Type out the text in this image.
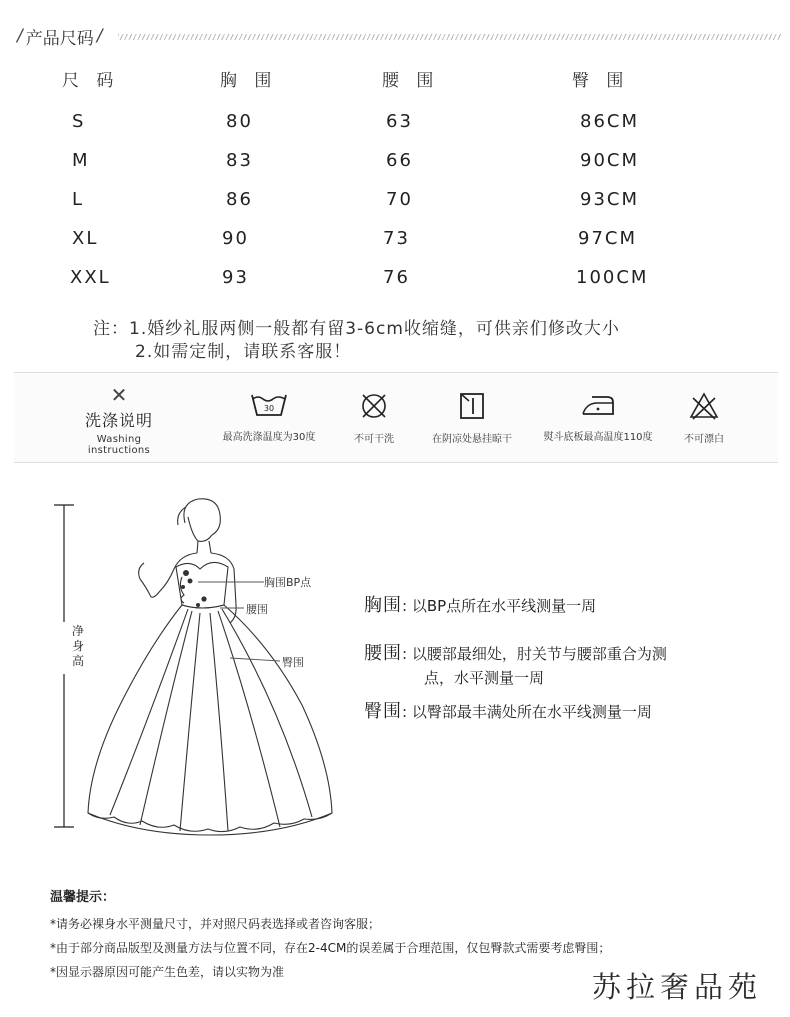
/ 产品尺码 /
尺 码	胸 围	腰 围	臀 围
S	80	63	86CM
M	83	66	90CM
L	86	70	93CM
XL	90	73	97CM
XXL	93	76	100CM
注：1.婚纱礼服两侧一般都有留3-6cm收缩缝，可供亲们修改大小
2.如需定制，请联系客服！
✕
洗涤说明
Washing instructions
30
最高洗涤温度为30度	不可干洗	在阴凉处悬挂晾干	熨斗底板最高温度110度	不可漂白
净身高
胸围BP点
腰围
臀围
胸围: 以BP点所在水平线测量一周
腰围: 以腰部最细处，肘关节与腰部重合为测
点，水平测量一周
臀围: 以臀部最丰满处所在水平线测量一周
温馨提示：
*请务必裸身水平测量尺寸，并对照尺码表选择或者咨询客服；
*由于部分商品版型及测量方法与位置不同，存在2-4CM的误差属于合理范围，仅包臀款式需要考虑臀围；
*因显示器原因可能产生色差，请以实物为准	苏拉奢品苑
